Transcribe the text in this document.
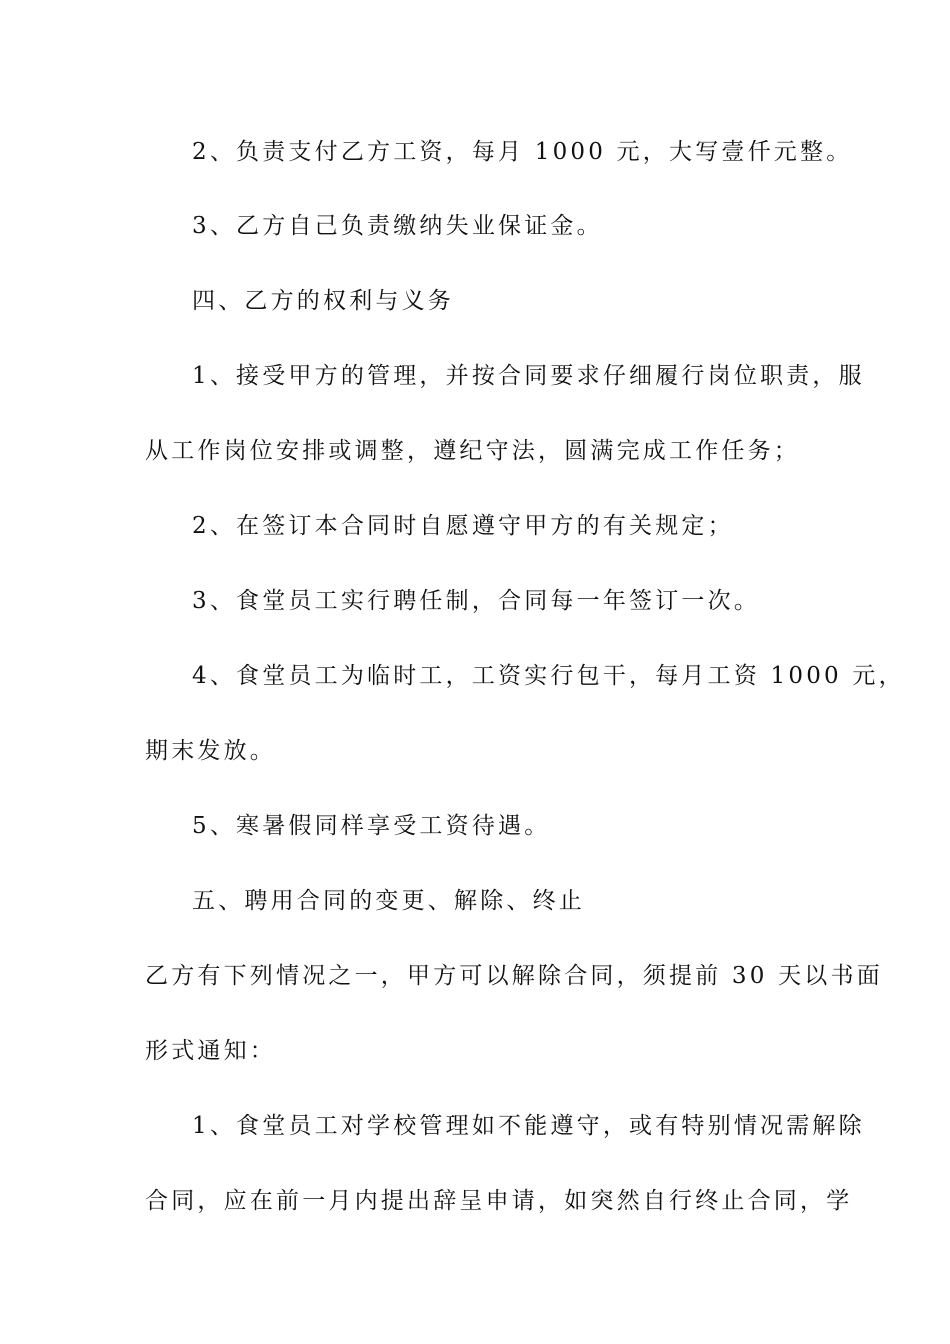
2、负责支付乙方工资，每月 1000 元，大写壹仟元整。

3、乙方自己负责缴纳失业保证金。

四、乙方的权利与义务

1、接受甲方的管理，并按合同要求仔细履行岗位职责，服

从工作岗位安排或调整，遵纪守法，圆满完成工作任务；

2、在签订本合同时自愿遵守甲方的有关规定；

3、食堂员工实行聘任制，合同每一年签订一次。

4、食堂员工为临时工，工资实行包干，每月工资 1000 元，

期末发放。

5、寒暑假同样享受工资待遇。

五、聘用合同的变更、解除、终止

乙方有下列情况之一，甲方可以解除合同，须提前 30 天以书面

形式通知：

1、食堂员工对学校管理如不能遵守，或有特别情况需解除

合同，应在前一月内提出辞呈申请，如突然自行终止合同，学
